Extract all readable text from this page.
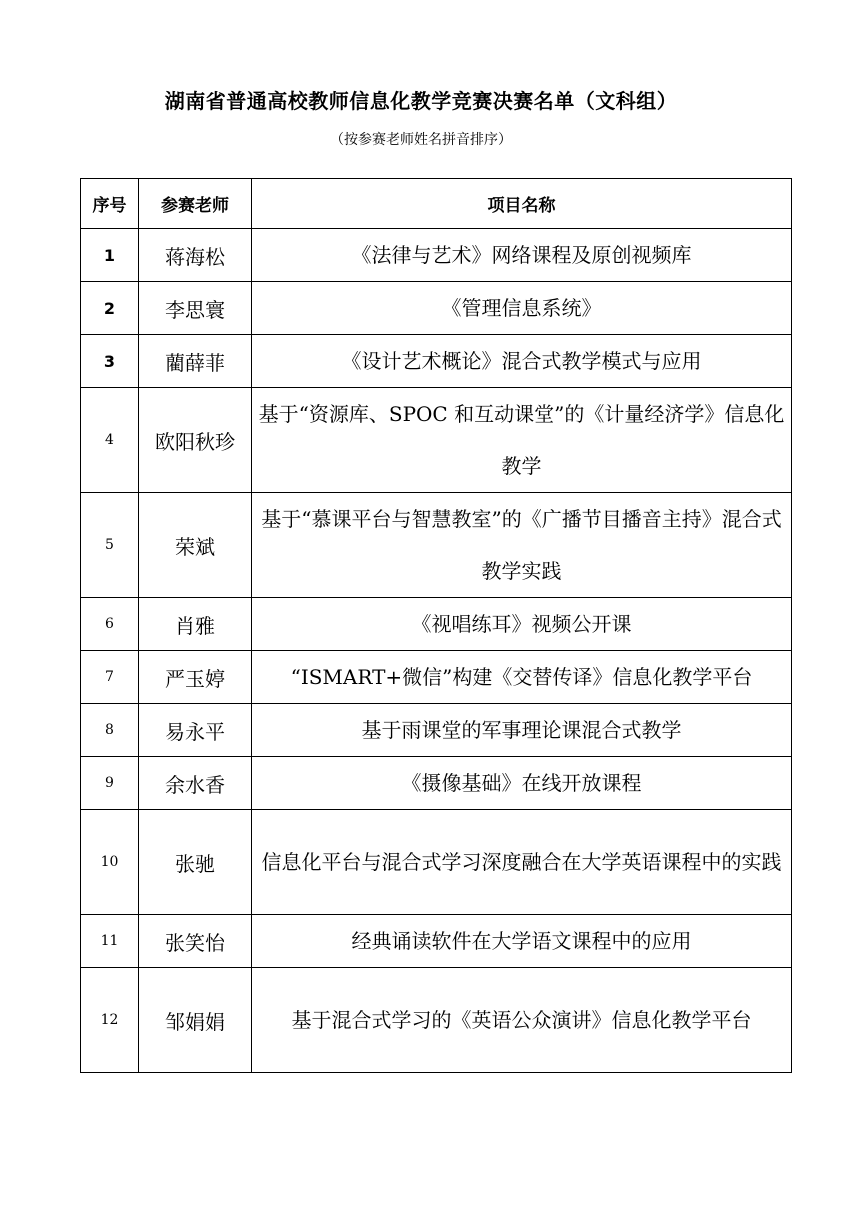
湖南省普通高校教师信息化教学竞赛决赛名单（文科组）
（按参赛老师姓名拼音排序）
序号	参赛老师	项目名称
1	蒋海松	《法律与艺术》网络课程及原创视频库
2	李思寰	《管理信息系统》
3	藺薛菲	《设计艺术概论》混合式教学模式与应用
4	欧阳秋珍	基于“资源库、SPOC 和互动课堂”的《计量经济学》信息化教学
5	荣斌	基于“慕课平台与智慧教室”的《广播节目播音主持》混合式教学实践
6	肖雅	《视唱练耳》视频公开课
7	严玉婷	“ISMART+微信”构建《交替传译》信息化教学平台
8	易永平	基于雨课堂的军事理论课混合式教学
9	余水香	《摄像基础》在线开放课程
10	张驰	信息化平台与混合式学习深度融合在大学英语课程中的实践
11	张笑怡	经典诵读软件在大学语文课程中的应用
12	邹娟娟	基于混合式学习的《英语公众演讲》信息化教学平台
